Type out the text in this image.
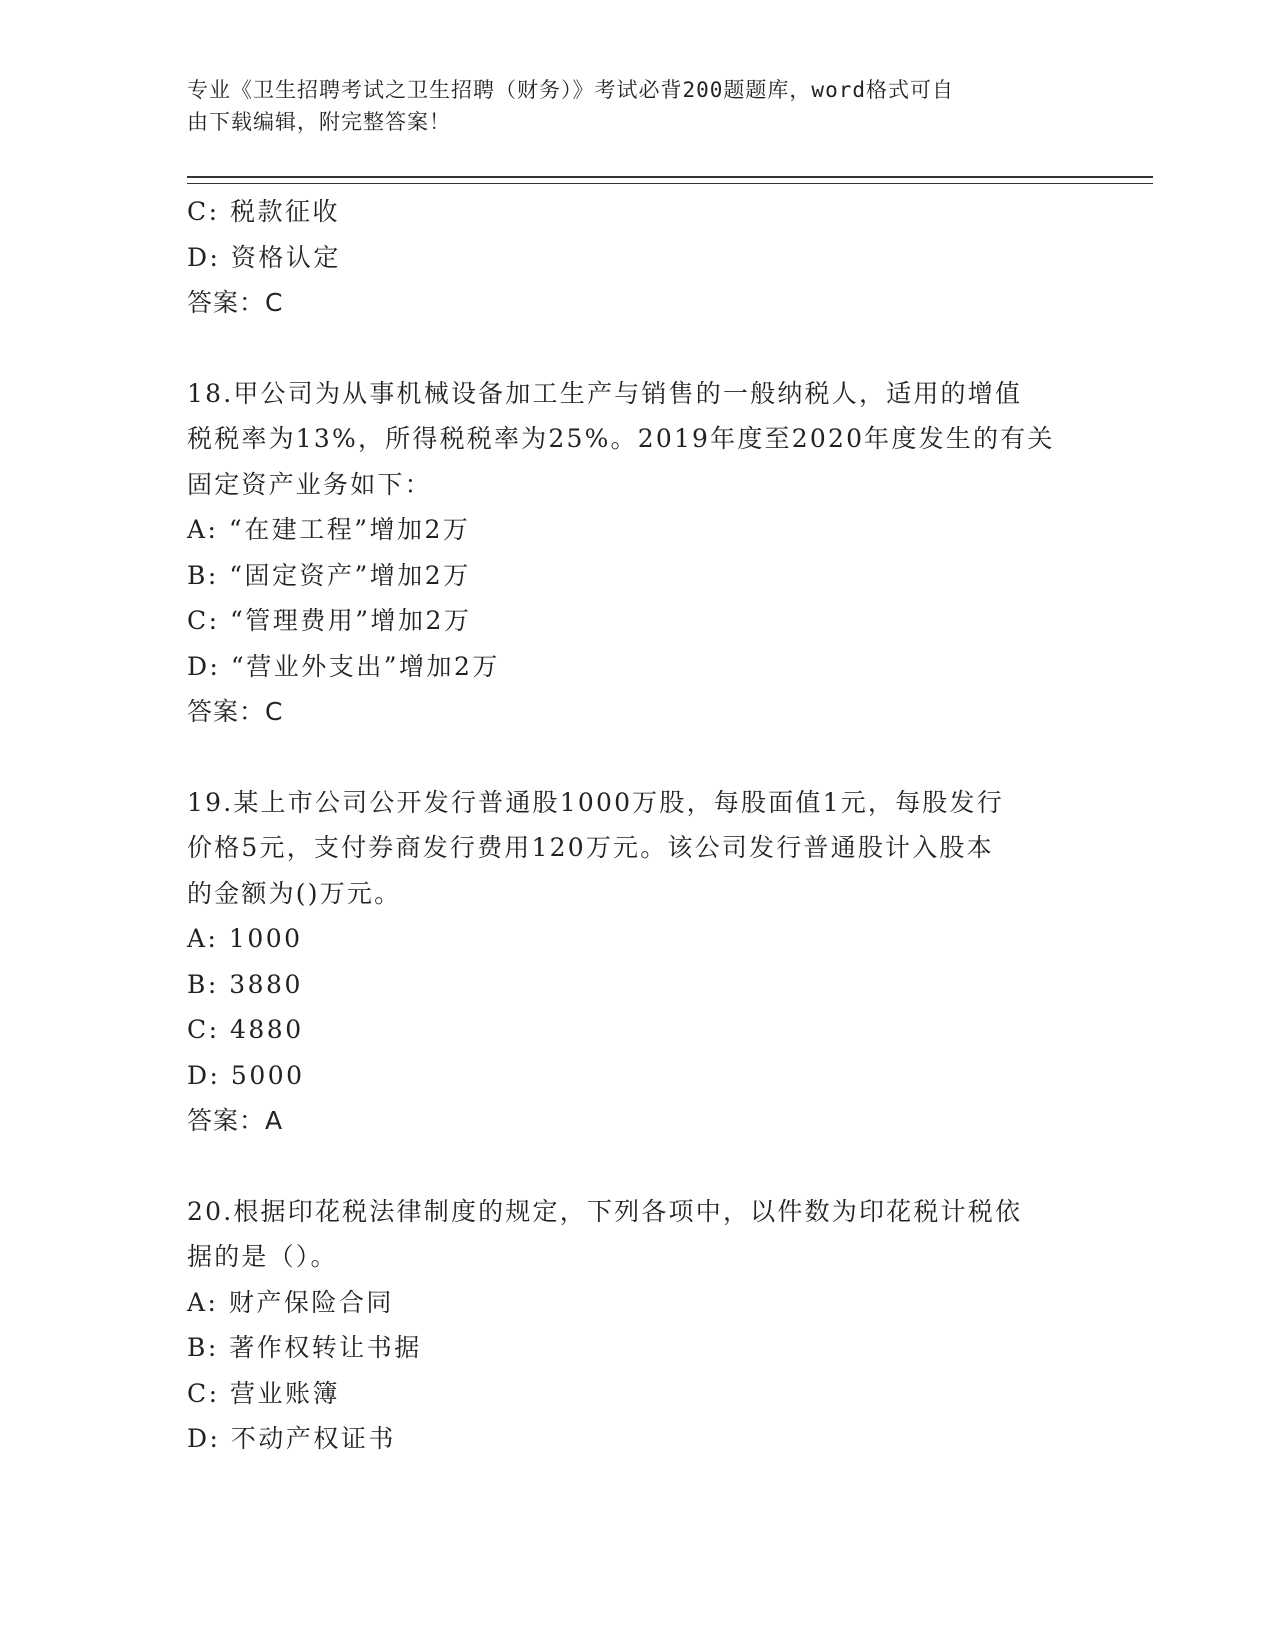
专业《卫生招聘考试之卫生招聘（财务）》考试必背200题题库，word格式可自
由下载编辑，附完整答案！
C: 税款征收
D: 资格认定
答案：C
18.甲公司为从事机械设备加工生产与销售的一般纳税人，适用的增值
税税率为13%，所得税税率为25%。2019年度至2020年度发生的有关
固定资产业务如下：
A: “在建工程”增加2万
B: “固定资产”增加2万
C: “管理费用”增加2万
D: “营业外支出”增加2万
答案：C
19.某上市公司公开发行普通股1000万股，每股面值1元，每股发行
价格5元，支付券商发行费用120万元。该公司发行普通股计入股本
的金额为()万元。
A: 1000
B: 3880
C: 4880
D: 5000
答案：A
20.根据印花税法律制度的规定，下列各项中，以件数为印花税计税依
据的是（）。
A: 财产保险合同
B: 著作权转让书据
C: 营业账簿
D: 不动产权证书
